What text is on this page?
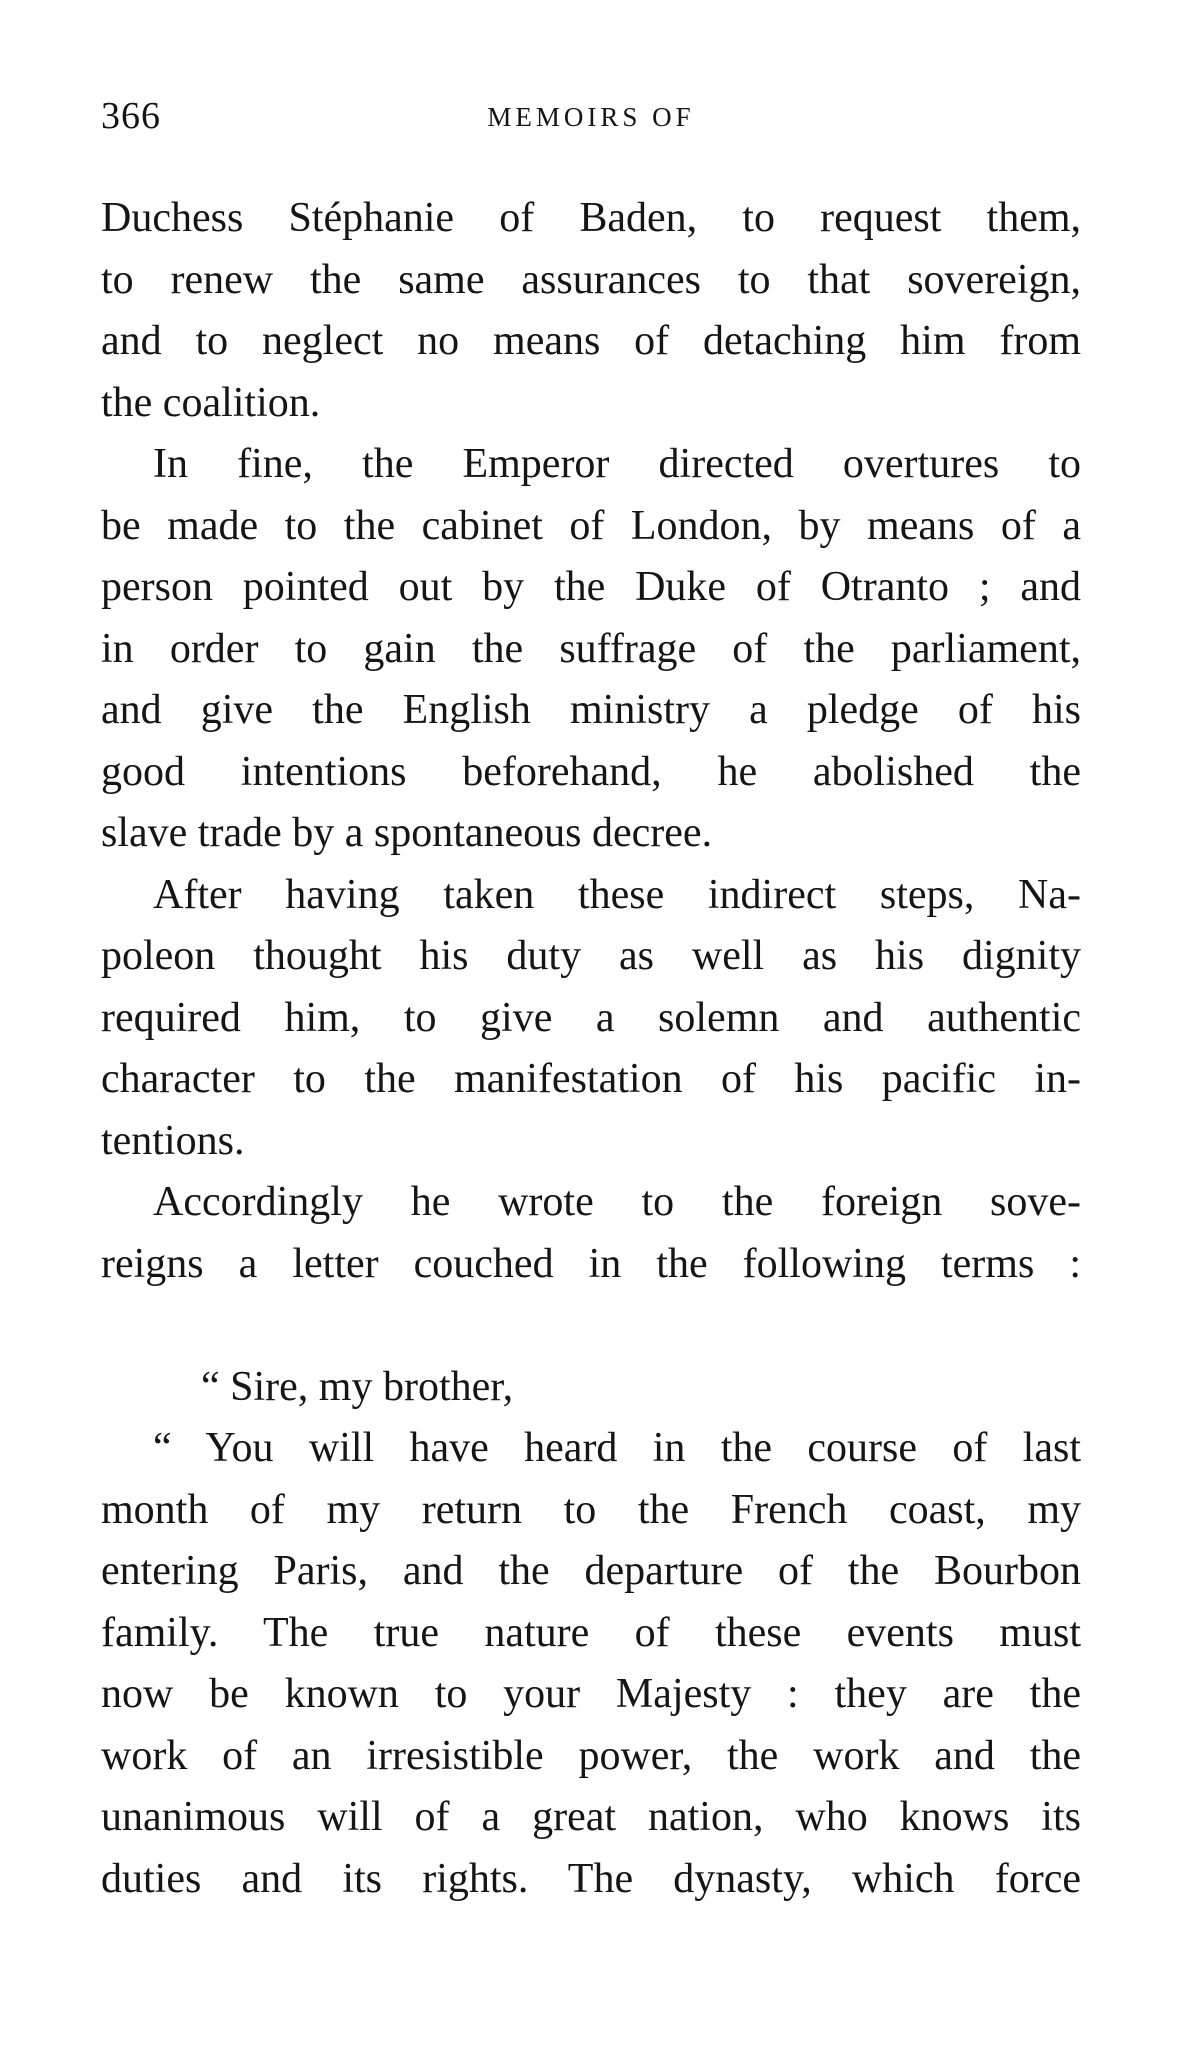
366	MEMOIRS OF
Duchess Stéphanie of Baden, to request them,
to renew the same assurances to that sovereign,
and to neglect no means of detaching him from
the coalition.
In fine, the Emperor directed overtures to
be made to the cabinet of London, by means of a
person pointed out by the Duke of Otranto ; and
in order to gain the suffrage of the parliament,
and give the English ministry a pledge of his
good intentions beforehand, he abolished the
slave trade by a spontaneous decree.
After having taken these indirect steps, Na-
poleon thought his duty as well as his dignity
required him, to give a solemn and authentic
character to the manifestation of his pacific in-
tentions.
Accordingly he wrote to the foreign sove-
reigns a letter couched in the following terms :
“ Sire, my brother,
“ You will have heard in the course of last
month of my return to the French coast, my
entering Paris, and the departure of the Bourbon
family. The true nature of these events must
now be known to your Majesty : they are the
work of an irresistible power, the work and the
unanimous will of a great nation, who knows its
duties and its rights. The dynasty, which force
